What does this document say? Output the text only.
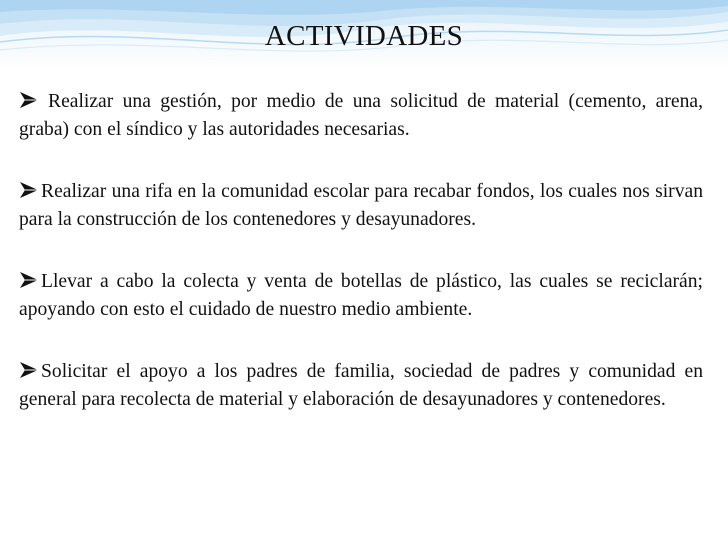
ACTIVIDADES

Realizar una gestión, por medio de una solicitud de material (cemento, arena, graba) con el síndico y las autoridades necesarias.

Realizar una rifa en la comunidad escolar para recabar fondos, los cuales nos sirvan para la construcción de los contenedores y desayunadores.

Llevar a cabo la colecta y venta de botellas de plástico, las cuales se reciclarán; apoyando con esto el cuidado de nuestro medio ambiente.

Solicitar el apoyo a los padres de familia, sociedad de padres y comunidad en general para recolecta de material y elaboración de desayunadores y contenedores.
